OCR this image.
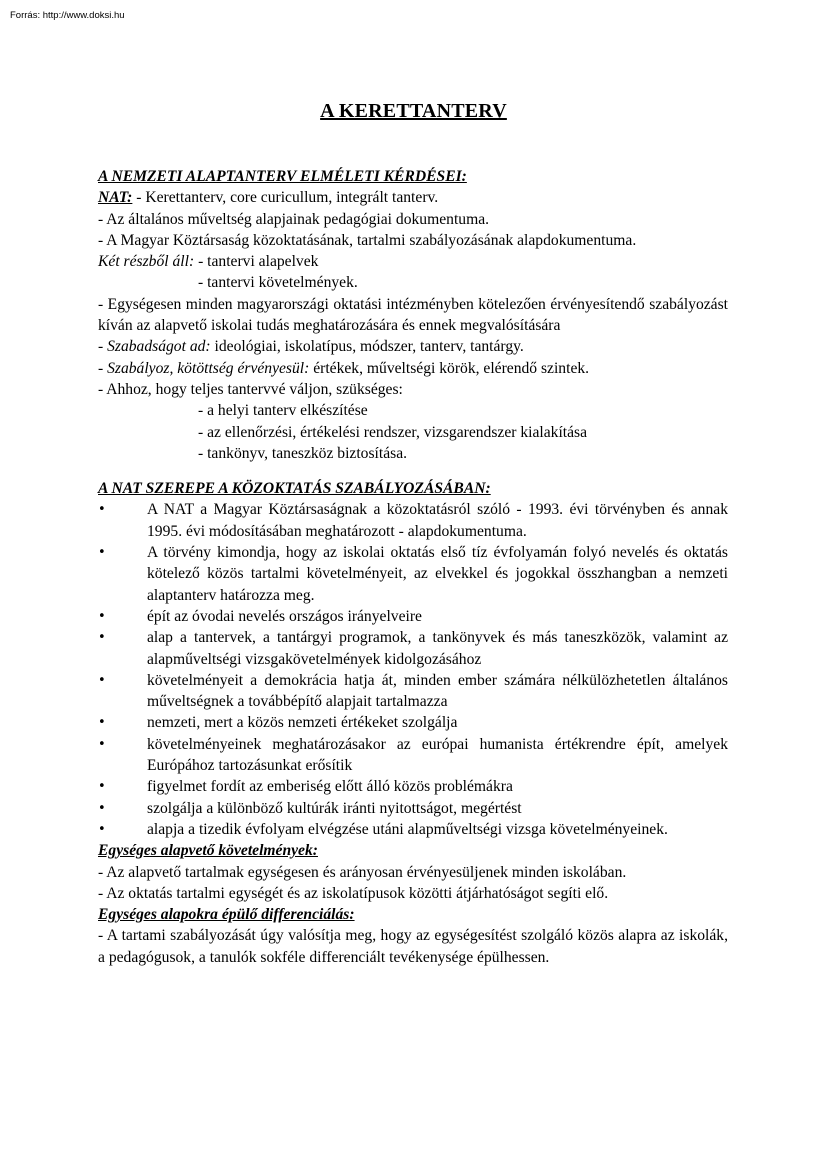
Forrás: http://www.doksi.hu
A KERETTANTERV

A NEMZETI ALAPTANTERV ELMÉLETI KÉRDÉSEI:

NAT: - Kerettanterv, core curicullum, integrált tanterv.

- Az általános műveltség alapjainak pedagógiai dokumentuma.

- A Magyar Köztársaság közoktatásának, tartalmi szabályozásának alapdokumentuma.

Két részből áll: - tantervi alapelvek

- tantervi követelmények.

- Egységesen minden magyarországi oktatási intézményben kötelezően érvényesítendő szabályozást kíván az alapvető iskolai tudás meghatározására és ennek megvalósítására

- Szabadságot ad: ideológiai, iskolatípus, módszer, tanterv, tantárgy.

- Szabályoz, kötöttség érvényesül: értékek, műveltségi körök, elérendő szintek.

- Ahhoz, hogy teljes tantervvé váljon, szükséges:

- a helyi tanterv elkészítése

- az ellenőrzési, értékelési rendszer, vizsgarendszer kialakítása

- tankönyv, taneszköz biztosítása.

A NAT SZEREPE A KÖZOKTATÁS SZABÁLYOZÁSÁBAN:

•	A NAT a Magyar Köztársaságnak a közoktatásról szóló - 1993. évi törvényben és annak 1995. évi módosításában meghatározott - alapdokumentuma.
•	A törvény kimondja, hogy az iskolai oktatás első tíz évfolyamán folyó nevelés és oktatás kötelező közös tartalmi követelményeit, az elvekkel és jogokkal összhangban a nemzeti alaptanterv határozza meg.
•	épít az óvodai nevelés országos irányelveire
•	alap a tantervek, a tantárgyi programok, a tankönyvek és más taneszközök, valamint az alapműveltségi vizsgakövetelmények kidolgozásához
•	követelményeit a demokrácia hatja át, minden ember számára nélkülözhetetlen általános műveltségnek a továbbépítő alapjait tartalmazza
•	nemzeti, mert a közös nemzeti értékeket szolgálja
•	követelményeinek meghatározásakor az európai humanista értékrendre épít, amelyek Európához tartozásunkat erősítik
•	figyelmet fordít az emberiség előtt álló közös problémákra
•	szolgálja a különböző kultúrák iránti nyitottságot, megértést
•	alapja a tizedik évfolyam elvégzése utáni alapműveltségi vizsga követelményeinek.

Egységes alapvető követelmények:

- Az alapvető tartalmak egységesen és arányosan érvényesüljenek minden iskolában.

- Az oktatás tartalmi egységét és az iskolatípusok közötti átjárhatóságot segíti elő.

Egységes alapokra épülő differenciálás:

- A tartami szabályozását úgy valósítja meg, hogy az egységesítést szolgáló közös alapra az iskolák, a pedagógusok, a tanulók sokféle differenciált tevékenysége épülhessen.
